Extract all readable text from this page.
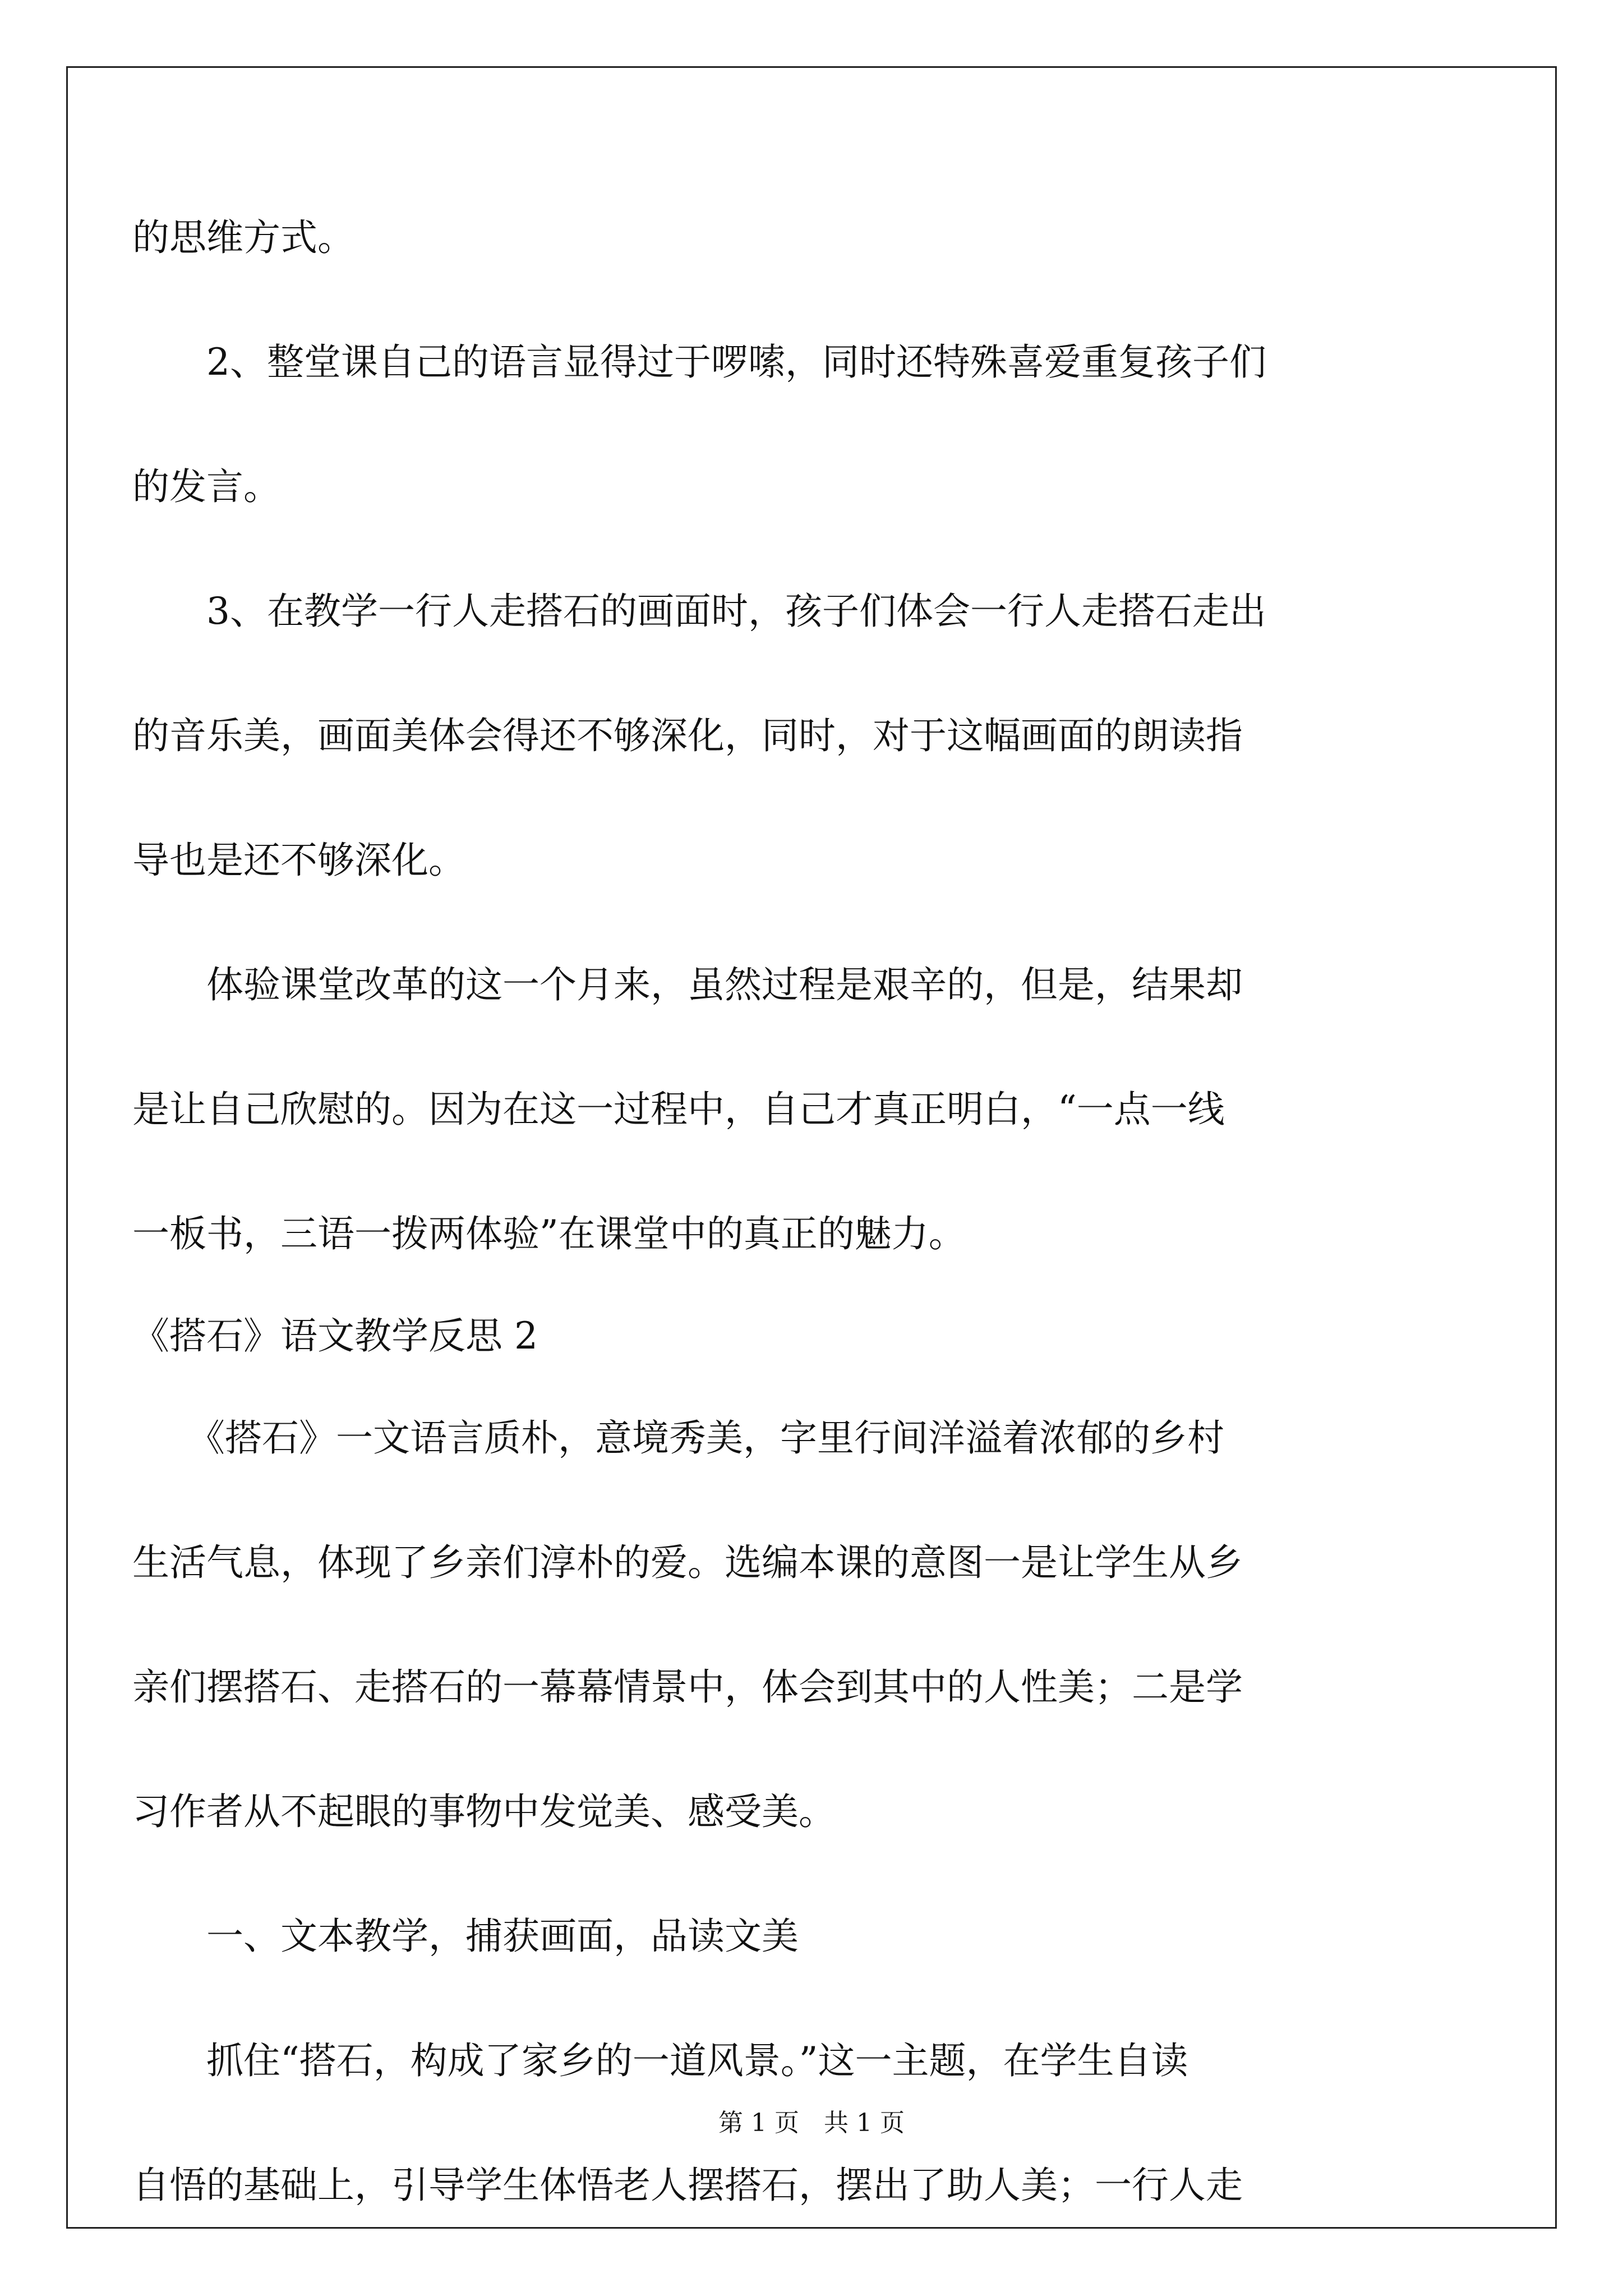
的思维方式。
　　2、整堂课自己的语言显得过于啰嗦，同时还特殊喜爱重复孩子们
的发言。
　　3、在教学一行人走搭石的画面时，孩子们体会一行人走搭石走出
的音乐美，画面美体会得还不够深化，同时，对于这幅画面的朗读指
导也是还不够深化。
　　体验课堂改革的这一个月来，虽然过程是艰辛的，但是，结果却
是让自己欣慰的。因为在这一过程中，自己才真正明白，“一点一线
一板书，三语一拨两体验”在课堂中的真正的魅力。
《搭石》语文教学反思 2
　　《搭石》一文语言质朴，意境秀美，字里行间洋溢着浓郁的乡村
生活气息，体现了乡亲们淳朴的爱。选编本课的意图一是让学生从乡
亲们摆搭石、走搭石的一幕幕情景中，体会到其中的人性美；二是学
习作者从不起眼的事物中发觉美、感受美。
　　一、文本教学，捕获画面，品读文美
　　抓住“搭石，构成了家乡的一道风景。”这一主题，在学生自读
自悟的基础上，引导学生体悟老人摆搭石，摆出了助人美；一行人走
第 1 页　共 1 页
